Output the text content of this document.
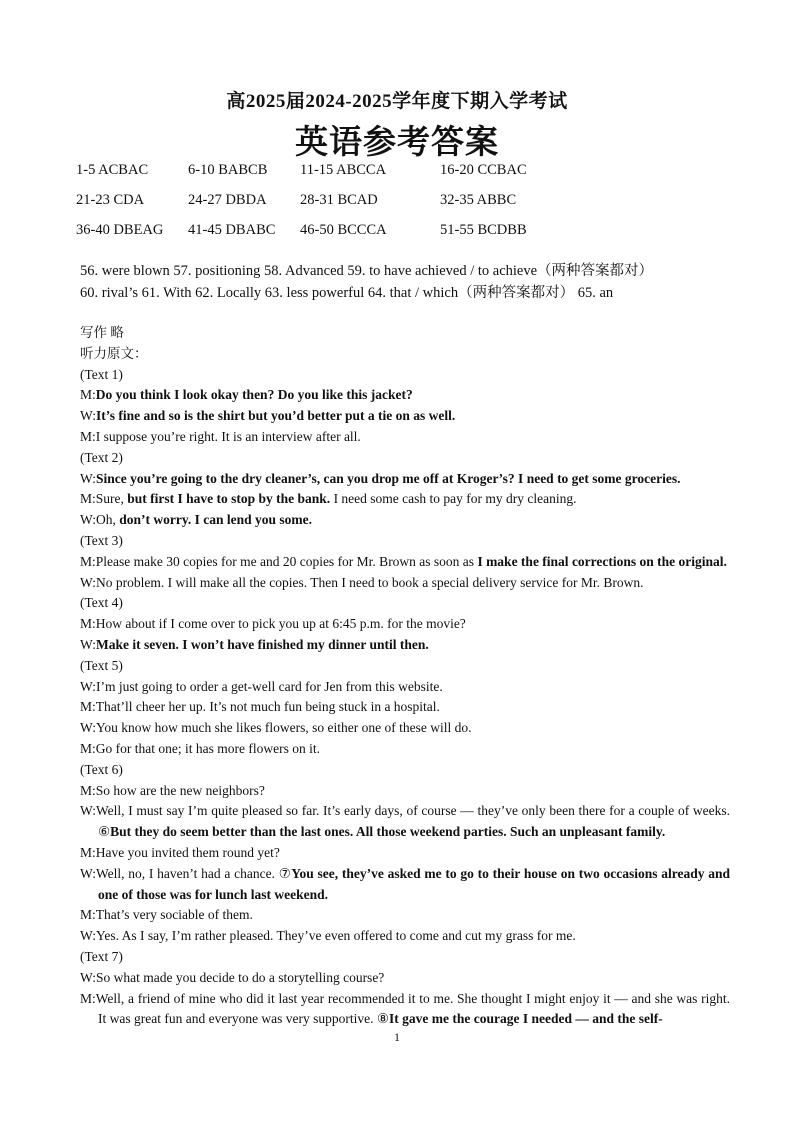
高2025届2024-2025学年度下期入学考试
英语参考答案
1-5 ACBAC	6-10 BABCB 11-15 ABCCA	16-20 CCBAC
21-23 CDA	24-27 DBDA 28-31 BCAD	32-35 ABBC
36-40 DBEAG 41-45 DBABC 46-50 BCCCA	51-55 BCDBB

56. were blown 57. positioning 58. Advanced 59. to have achieved / to achieve（两种答案都对）

60. rival’s 61. With 62. Locally 63. less powerful 64. that / which（两种答案都对） 65. an

写作 略

听力原文：

(Text 1)

M:Do you think I look okay then? Do you like this jacket?

W:It’s fine and so is the shirt but you’d better put a tie on as well.

M:I suppose you’re right. It is an interview after all.

(Text 2)

W:Since you’re going to the dry cleaner’s, can you drop me off at Kroger’s? I need to get some groceries.

M:Sure, but first I have to stop by the bank. I need some cash to pay for my dry cleaning.

W:Oh, don’t worry. I can lend you some.

(Text 3)

M:Please make 30 copies for me and 20 copies for Mr. Brown as soon as I make the final corrections on the original.

W:No problem. I will make all the copies. Then I need to book a special delivery service for Mr. Brown.

(Text 4)

M:How about if I come over to pick you up at 6:45 p.m. for the movie?

W:Make it seven. I won’t have finished my dinner until then.

(Text 5)

W:I’m just going to order a get-well card for Jen from this website.

M:That’ll cheer her up. It’s not much fun being stuck in a hospital.

W:You know how much she likes flowers, so either one of these will do.

M:Go for that one; it has more flowers on it.

(Text 6)

M:So how are the new neighbors?

W:Well, I must say I’m quite pleased so far. It’s early days, of course — they’ve only been there for a couple of weeks. ⑥But they do seem better than the last ones. All those weekend parties. Such an unpleasant family.

M:Have you invited them round yet?

W:Well, no, I haven’t had a chance. ⑦You see, they’ve asked me to go to their house on two occasions already and one of those was for lunch last weekend.

M:That’s very sociable of them.

W:Yes. As I say, I’m rather pleased. They’ve even offered to come and cut my grass for me.

(Text 7)

W:So what made you decide to do a storytelling course?

M:Well, a friend of mine who did it last year recommended it to me. She thought I might enjoy it — and she was right. It was great fun and everyone was very supportive. ⑧It gave me the courage I needed — and the self-

1
